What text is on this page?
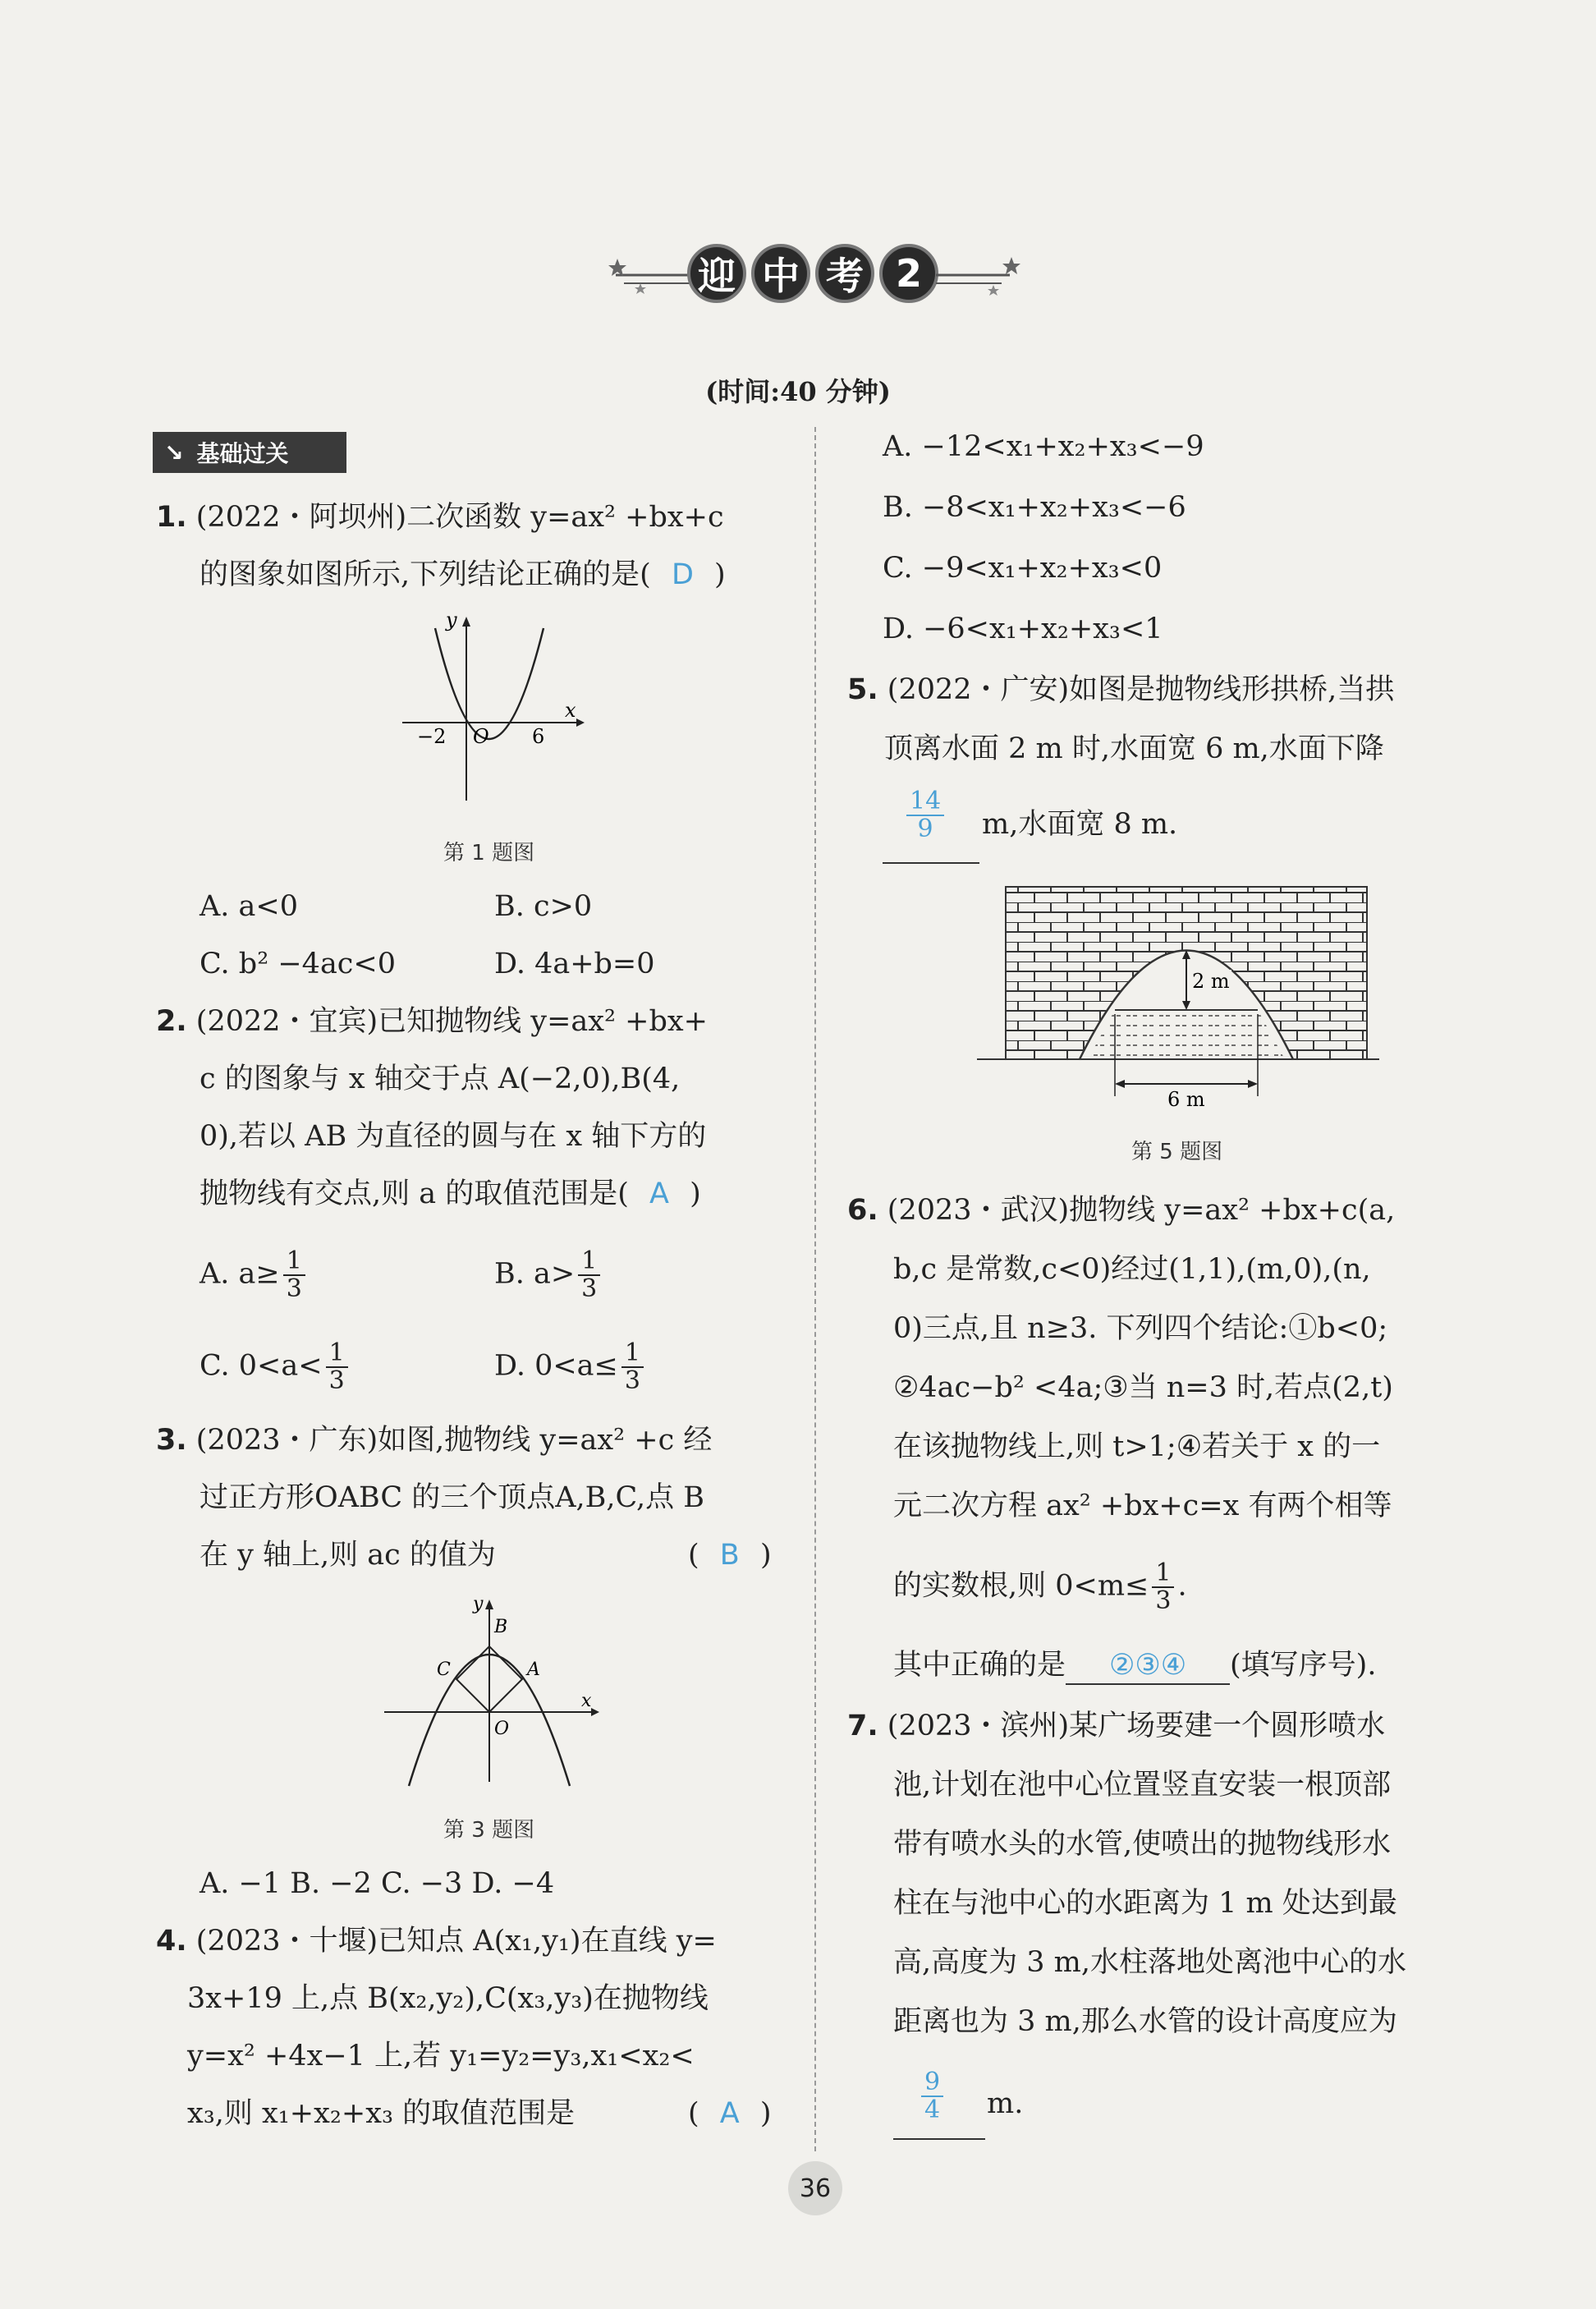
迎 中 考 2
(时间:40 分钟)
↘ 基础过关
1. (2022・阿坝州)二次函数 y=ax² +bx+c
的图象如图所示,下列结论正确的是( D )
y
x
O
−2	6
第 1 题图
A. a<0	B. c>0
C. b² −4ac<0	D. 4a+b=0
2. (2022・宜宾)已知抛物线 y=ax² +bx+
c 的图象与 x 轴交于点 A(−2,0),B(4,
0),若以 AB 为直径的圆与在 x 轴下方的
抛物线有交点,则 a 的取值范围是( A )
A. $a\ge \frac{1}{3}$	B. $a> \frac{1}{3}$
C. $0<a< \frac{1}{3}$	D. $0<a\le \frac{1}{3}$
3. (2023・广东)如图,抛物线 y=ax² +c 经
过正方形OABC 的三个顶点A,B,C,点 B
在 y 轴上,则 ac 的值为	( B )
y
B
A
C
O
x
第 3 题图
A. −1 B. −2 C. −3 D. −4
4. (2023・十堰)已知点 A(x₁,y₁)在直线 y=
3x+19 上,点 B(x₂,y₂),C(x₃,y₃)在抛物线
y=x² +4x−1 上,若 y₁=y₂=y₃,x₁<x₂<
x₃,则 x₁+x₂+x₃ 的取值范围是	( A )
A. −12<x₁+x₂+x₃<−9
B. −8<x₁+x₂+x₃<−6
C. −9<x₁+x₂+x₃<0
D. −6<x₁+x₂+x₃<1
5. (2022・广安)如图是抛物线形拱桥,当拱
顶离水面 2 m 时,水面宽 6 m,水面下降
$\frac{14}{9} m$,水面宽 8 m.
2 m
6 m
第 5 题图
6. (2023・武汉)抛物线 y=ax² +bx+c(a,
b,c 是常数,c<0)经过(1,1),(m,0),(n,
0)三点,且 n≥3. 下列四个结论:①b<0;
②4ac−b² <4a;③当 n=3 时,若点(2,t)
在该抛物线上,则 t>1;④若关于 x 的一
元二次方程 ax² +bx+c=x 有两个相等
的实数根,则 $0<m\le \frac{1}{3}$ .
其中正确的是 ②③④ (填写序号).
7. (2023・滨州)某广场要建一个圆形喷水
池,计划在池中心位置竖直安装一根顶部
带有喷水头的水管,使喷出的抛物线形水
柱在与池中心的水距离为 1 m 处达到最
高,高度为 3 m,水柱落地处离池中心的水
距离也为 3 m,那么水管的设计高度应为
$\frac{9}{4} m$.
36
